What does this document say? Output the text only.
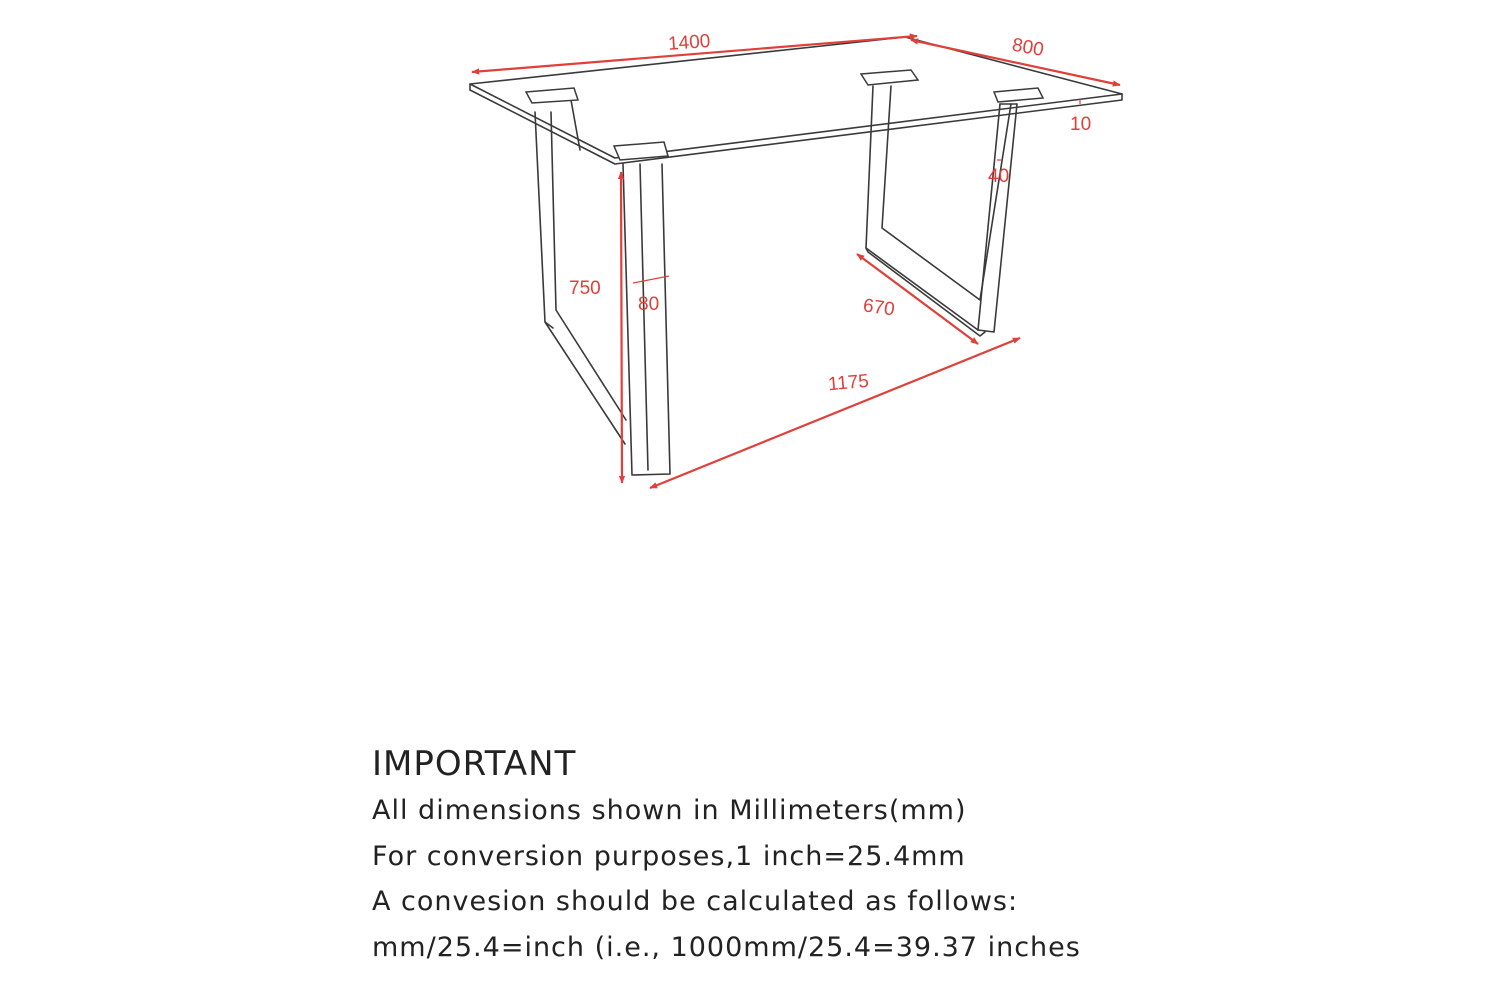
1400	800
10
40
750
80	670
1175
IMPORTANT
All dimensions shown in Millimeters(mm)
For conversion purposes,1 inch=25.4mm
A convesion should be calculated as follows:
mm/25.4=inch (i.e., 1000mm/25.4=39.37 inches
